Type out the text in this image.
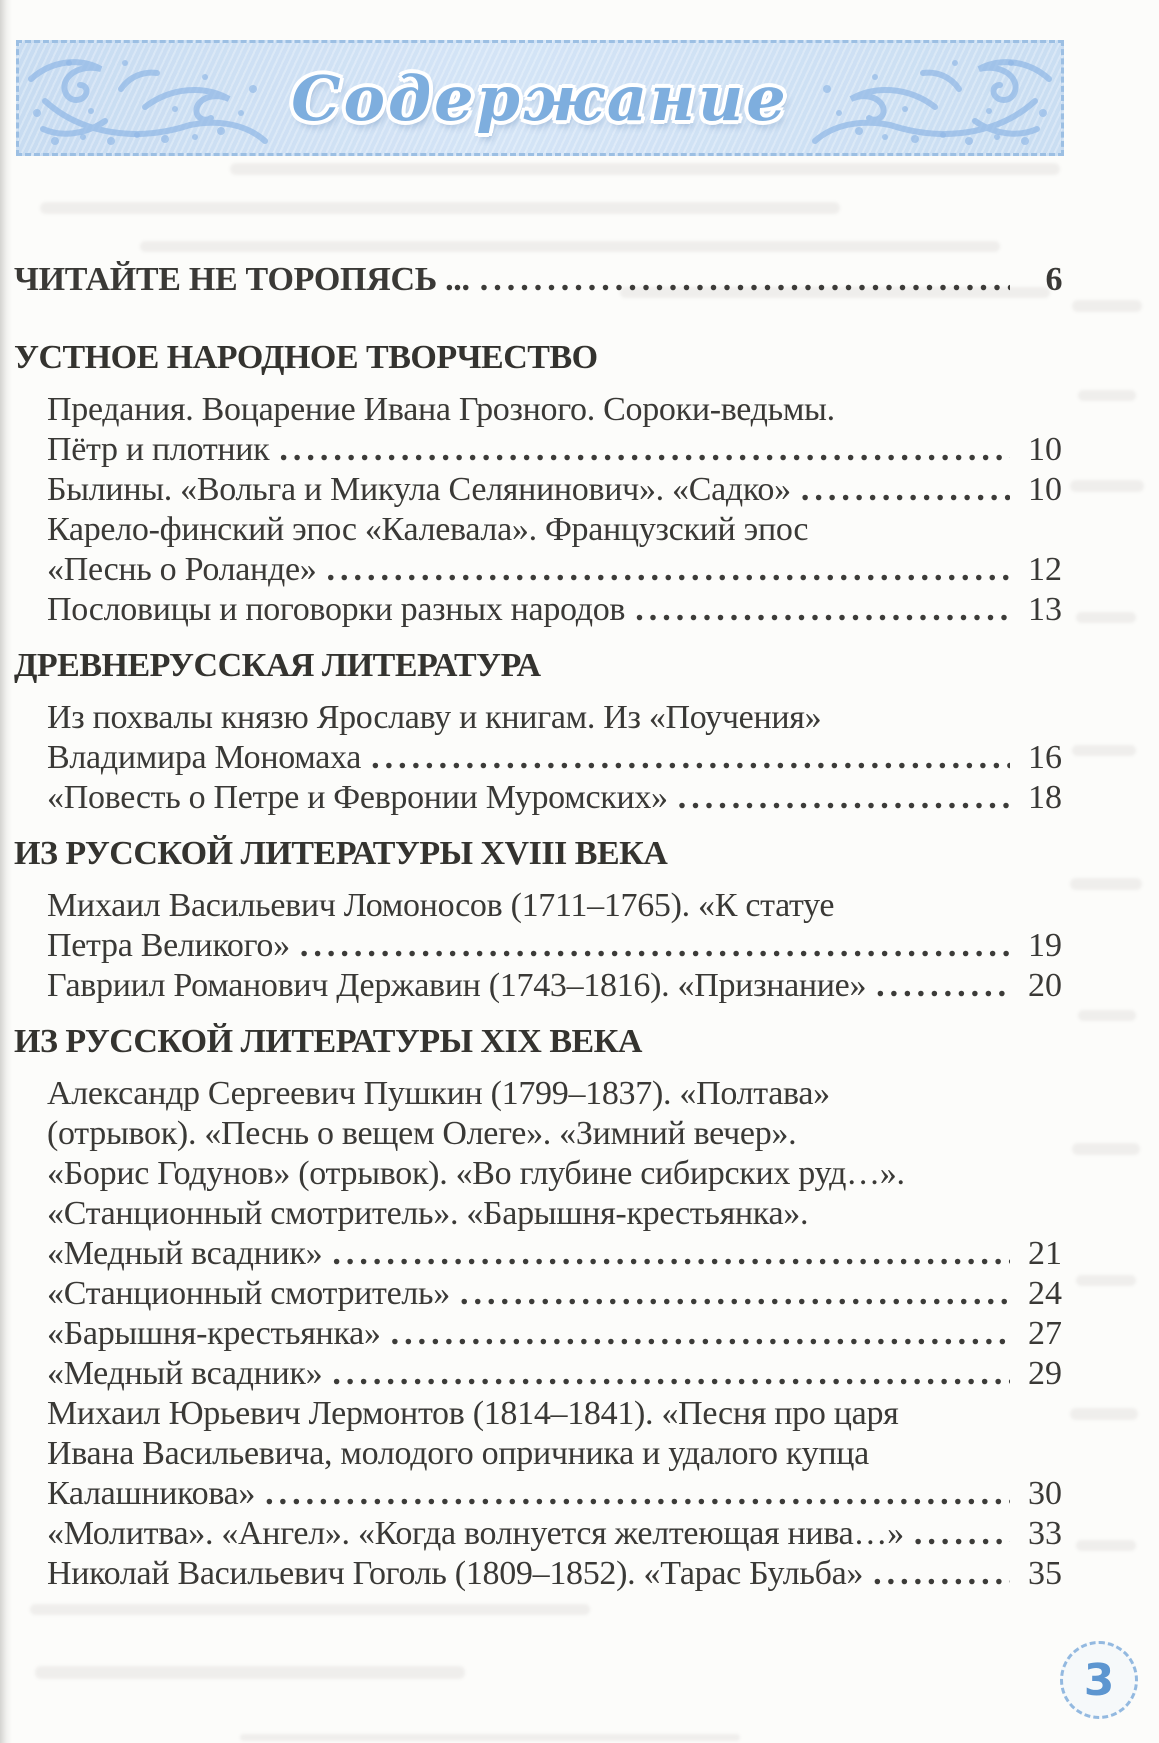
Содержание
ЧИТАЙТЕ НЕ ТОРОПЯСЬ ... .....	6
УСТНОЕ НАРОДНОЕ ТВОРЧЕСТВО
Предания. Воцарение Ивана Грозного. Сороки-ведьмы.
Пётр и плотник .....	10
Былины. «Вольга и Микула Селянинович». «Садко» .....	10
Карело-финский эпос «Калевала». Французский эпос
«Песнь о Роланде» .....	12
Пословицы и поговорки разных народов .....	13
ДРЕВНЕРУССКАЯ ЛИТЕРАТУРА
Из похвалы князю Ярославу и книгам. Из «Поучения»
Владимира Мономаха .....	16
«Повесть о Петре и Февронии Муромских» .....	18
ИЗ РУССКОЙ ЛИТЕРАТУРЫ XVIII ВЕКА
Михаил Васильевич Ломоносов (1711–1765). «К статуе
Петра Великого» .....	19
Гавриил Романович Державин (1743–1816). «Признание» .....	20
ИЗ РУССКОЙ ЛИТЕРАТУРЫ XIX ВЕКА
Александр Сергеевич Пушкин (1799–1837). «Полтава»
(отрывок). «Песнь о вещем Олеге». «Зимний вечер».
«Борис Годунов» (отрывок). «Во глубине сибирских руд…».
«Станционный смотритель». «Барышня-крестьянка».
«Медный всадник» .....	21
«Станционный смотритель» .....	24
«Барышня-крестьянка» .....	27
«Медный всадник» .....	29
Михаил Юрьевич Лермонтов (1814–1841). «Песня про царя
Ивана Васильевича, молодого опричника и удалого купца
Калашникова» .....	30
«Молитва». «Ангел». «Когда волнуется желтеющая нива…» .....	33
Николай Васильевич Гоголь (1809–1852). «Тарас Бульба» .....	35
3
